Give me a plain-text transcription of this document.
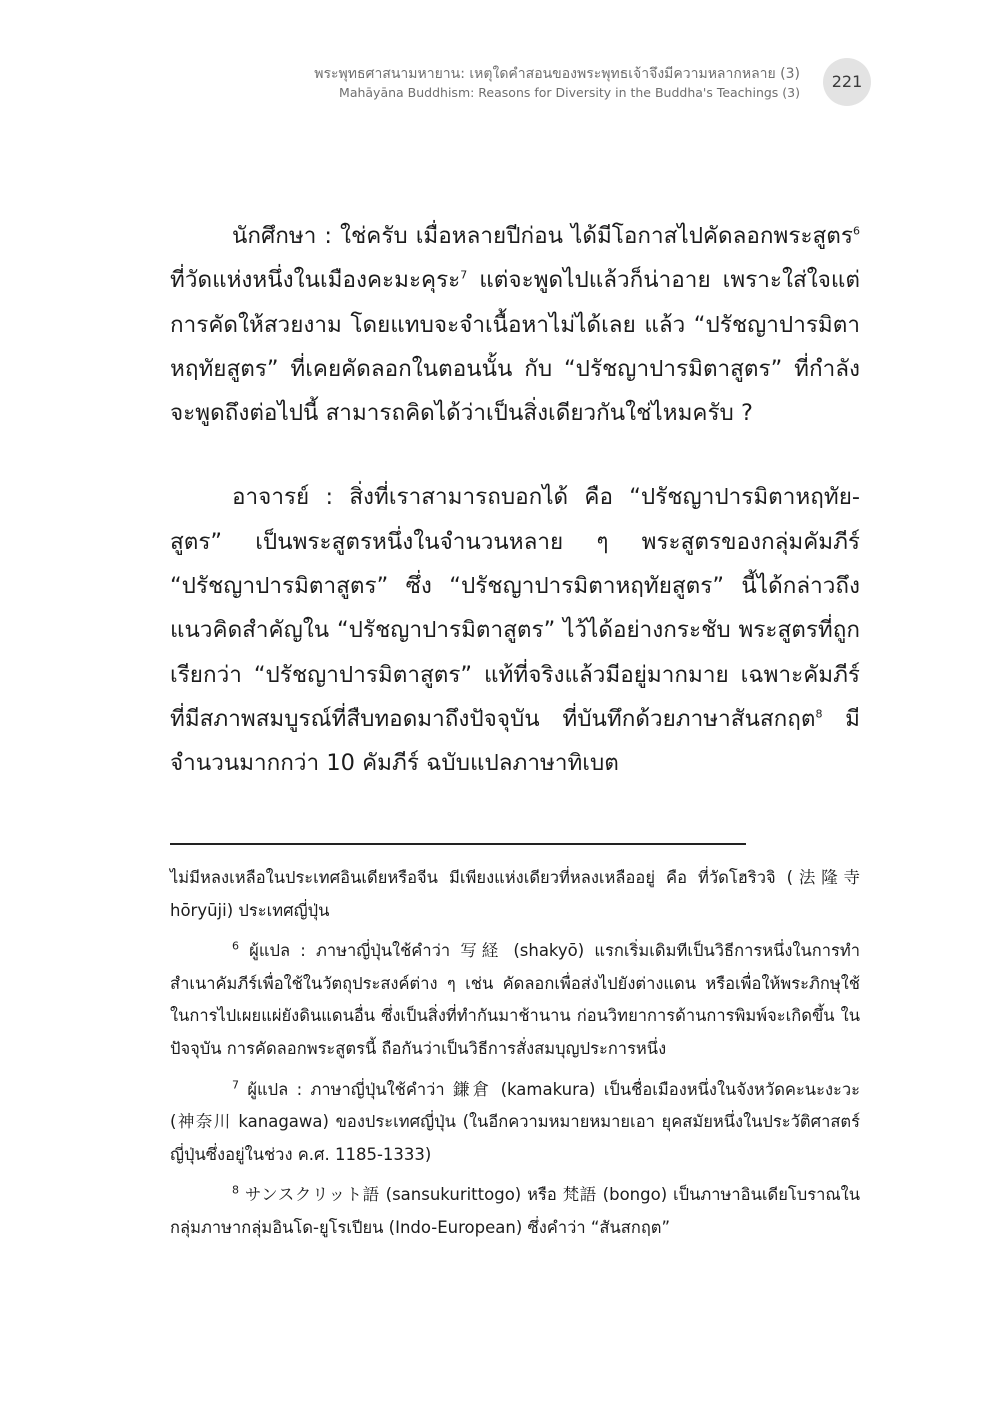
พระพุทธศาสนามหายาน: เหตุใดคำสอนของพระพุทธเจ้าจึงมีความหลากหลาย (3)
Mahāyāna Buddhism: Reasons for Diversity in the Buddha's Teachings (3)
221

นักศึกษา : ใช่ครับ เมื่อหลายปีก่อน ได้มีโอกาสไปคัดลอกพระสูตร$^6$ ที่วัดแห่งหนึ่งในเมืองคะมะคุระ$^7$ แต่จะพูดไปแล้วก็น่าอาย เพราะใส่ใจแต่การคัดให้สวยงาม โดยแทบจะจำเนื้อหาไม่ได้เลย แล้ว “ปรัชญาปารมิตาหฤทัยสูตร” ที่เคยคัดลอกในตอนนั้น กับ “ปรัชญาปารมิตาสูตร” ที่กำลังจะพูดถึงต่อไปนี้ สามารถคิดได้ว่าเป็นสิ่งเดียวกันใช่ไหมครับ ?

อาจารย์ : สิ่งที่เราสามารถบอกได้ คือ “ปรัชญาปารมิตาหฤทัย-สูตร” เป็นพระสูตรหนึ่งในจำนวนหลาย ๆ พระสูตรของกลุ่มคัมภีร์ “ปรัชญาปารมิตาสูตร” ซึ่ง “ปรัชญาปารมิตาหฤทัยสูตร” นี้ได้กล่าวถึงแนวคิดสำคัญใน “ปรัชญาปารมิตาสูตร” ไว้ได้อย่างกระชับ พระสูตรที่ถูกเรียกว่า “ปรัชญาปารมิตาสูตร” แท้ที่จริงแล้วมีอยู่มากมาย เฉพาะคัมภีร์ที่มีสภาพสมบูรณ์ที่สืบทอดมาถึงปัจจุบัน ที่บันทึกด้วยภาษาสันสกฤต$^8$ มีจำนวนมากกว่า 10 คัมภีร์ ฉบับแปลภาษาทิเบต

ไม่มีหลงเหลือในประเทศอินเดียหรือจีน มีเพียงแห่งเดียวที่หลงเหลืออยู่ คือ ที่วัดโฮริวจิ (法隆寺 hōryūji) ประเทศญี่ปุ่น

$^6$ ผู้แปล : ภาษาญี่ปุ่นใช้คำว่า 写経 (shakyō) แรกเริ่มเดิมทีเป็นวิธีการหนึ่งในการทำสำเนาคัมภีร์เพื่อใช้ในวัตถุประสงค์ต่าง ๆ เช่น คัดลอกเพื่อส่งไปยังต่างแดน หรือเพื่อให้พระภิกษุใช้ในการไปเผยแผ่ยังดินแดนอื่น ซึ่งเป็นสิ่งที่ทำกันมาช้านาน ก่อนวิทยาการด้านการพิมพ์จะเกิดขึ้น ในปัจจุบัน การคัดลอกพระสูตรนี้ ถือกันว่าเป็นวิธีการสั่งสมบุญประการหนึ่ง

$^7$ ผู้แปล : ภาษาญี่ปุ่นใช้คำว่า 鎌倉 (kamakura) เป็นชื่อเมืองหนึ่งในจังหวัดคะนะงะวะ (神奈川 kanagawa) ของประเทศญี่ปุ่น (ในอีกความหมายหมายเอา ยุคสมัยหนึ่งในประวัติศาสตร์ญี่ปุ่นซึ่งอยู่ในช่วง ค.ศ. 1185-1333)

$^8$ サンスクリット語 (sansukurittogo) หรือ 梵語 (bongo) เป็นภาษาอินเดียโบราณในกลุ่มภาษากลุ่มอินโด-ยูโรเปียน (Indo-European) ซึ่งคำว่า “สันสกฤต”
